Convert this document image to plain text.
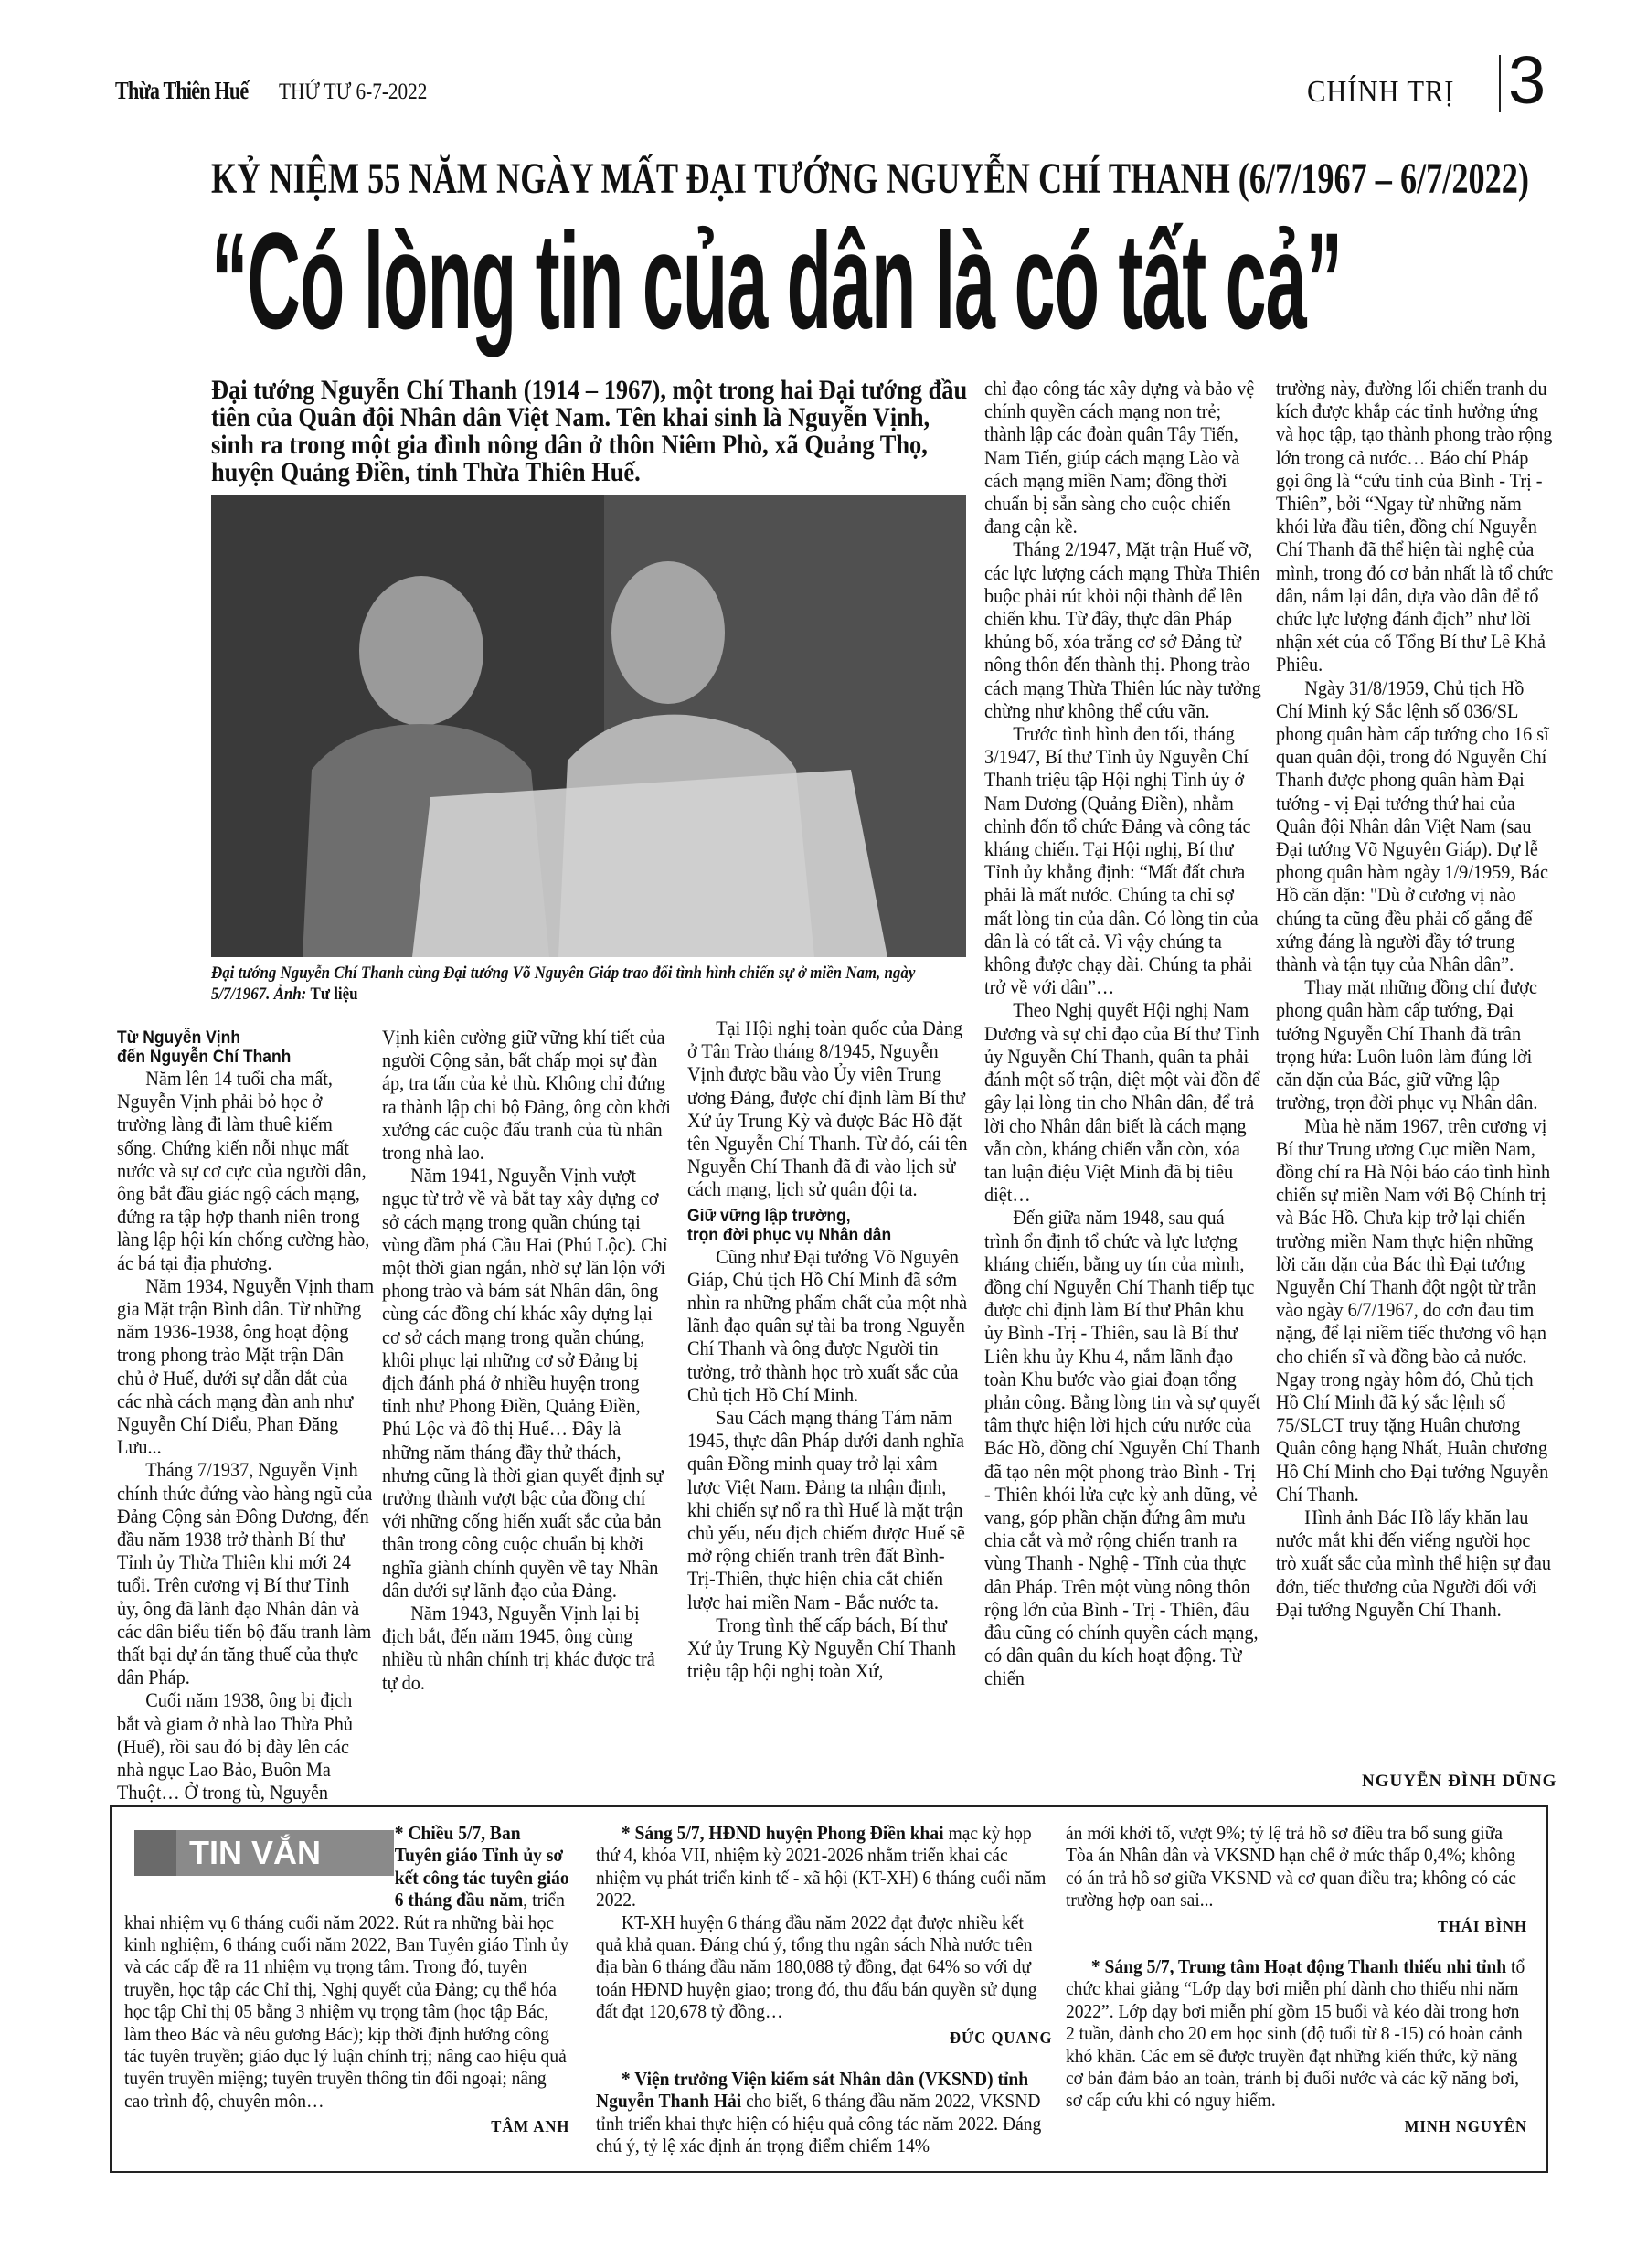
Thừa Thiên Huế THỨ TƯ 6-7-2022	CHÍNH TRỊ 3
KỶ NIỆM 55 NĂM NGÀY MẤT ĐẠI TƯỚNG NGUYỄN CHÍ THANH (6/7/1967 – 6/7/2022)
“Có lòng tin của dân là có tất cả”
Đại tướng Nguyễn Chí Thanh (1914 – 1967), một trong hai Đại tướng đầu tiên của Quân đội Nhân dân Việt Nam. Tên khai sinh là Nguyễn Vịnh, sinh ra trong một gia đình nông dân ở thôn Niêm Phò, xã Quảng Thọ, huyện Quảng Điền, tỉnh Thừa Thiên Huế.
Đại tướng Nguyễn Chí Thanh cùng Đại tướng Võ Nguyên Giáp trao đổi tình hình chiến sự ở miền Nam, ngày 5/7/1967. Ảnh: Tư liệu
Từ Nguyễn Vịnh
đến Nguyễn Chí Thanh

Năm lên 14 tuổi cha mất, Nguyễn Vịnh phải bỏ học ở trường làng đi làm thuê kiếm sống. Chứng kiến nỗi nhục mất nước và sự cơ cực của người dân, ông bắt đầu giác ngộ cách mạng, đứng ra tập hợp thanh niên trong làng lập hội kín chống cường hào, ác bá tại địa phương.

Năm 1934, Nguyễn Vịnh tham gia Mặt trận Bình dân. Từ những năm 1936-1938, ông hoạt động trong phong trào Mặt trận Dân chủ ở Huế, dưới sự dẫn dắt của các nhà cách mạng đàn anh như Nguyễn Chí Diểu, Phan Đăng Lưu...

Tháng 7/1937, Nguyễn Vịnh chính thức đứng vào hàng ngũ của Đảng Cộng sản Đông Dương, đến đầu năm 1938 trở thành Bí thư Tỉnh ủy Thừa Thiên khi mới 24 tuổi. Trên cương vị Bí thư Tỉnh ủy, ông đã lãnh đạo Nhân dân và các dân biểu tiến bộ đấu tranh làm thất bại dự án tăng thuế của thực dân Pháp.

Cuối năm 1938, ông bị địch bắt và giam ở nhà lao Thừa Phủ (Huế), rồi sau đó bị đày lên các nhà ngục Lao Bảo, Buôn Ma Thuột… Ở trong tù, Nguyễn

Vịnh kiên cường giữ vững khí tiết của người Cộng sản, bất chấp mọi sự đàn áp, tra tấn của kẻ thù. Không chỉ đứng ra thành lập chi bộ Đảng, ông còn khởi xướng các cuộc đấu tranh của tù nhân trong nhà lao.

Năm 1941, Nguyễn Vịnh vượt ngục từ trở về và bắt tay xây dựng cơ sở cách mạng trong quần chúng tại vùng đầm phá Cầu Hai (Phú Lộc). Chỉ một thời gian ngắn, nhờ sự lăn lộn với phong trào và bám sát Nhân dân, ông cùng các đồng chí khác xây dựng lại cơ sở cách mạng trong quần chúng, khôi phục lại những cơ sở Đảng bị địch đánh phá ở nhiều huyện trong tỉnh như Phong Điền, Quảng Điền, Phú Lộc và đô thị Huế… Đây là những năm tháng đầy thử thách, nhưng cũng là thời gian quyết định sự trưởng thành vượt bậc của đồng chí với những cống hiến xuất sắc của bản thân trong công cuộc chuẩn bị khởi nghĩa giành chính quyền về tay Nhân dân dưới sự lãnh đạo của Đảng.

Năm 1943, Nguyễn Vịnh lại bị địch bắt, đến năm 1945, ông cùng nhiều tù nhân chính trị khác được trả tự do.

Tại Hội nghị toàn quốc của Đảng ở Tân Trào tháng 8/1945, Nguyễn Vịnh được bầu vào Ủy viên Trung ương Đảng, được chỉ định làm Bí thư Xứ ủy Trung Kỳ và được Bác Hồ đặt tên Nguyễn Chí Thanh. Từ đó, cái tên Nguyễn Chí Thanh đã đi vào lịch sử cách mạng, lịch sử quân đội ta.

Giữ vững lập trường,
trọn đời phục vụ Nhân dân

Cũng như Đại tướng Võ Nguyên Giáp, Chủ tịch Hồ Chí Minh đã sớm nhìn ra những phẩm chất của một nhà lãnh đạo quân sự tài ba trong Nguyễn Chí Thanh và ông được Người tin tưởng, trở thành học trò xuất sắc của Chủ tịch Hồ Chí Minh.

Sau Cách mạng tháng Tám năm 1945, thực dân Pháp dưới danh nghĩa quân Đồng minh quay trở lại xâm lược Việt Nam. Đảng ta nhận định, khi chiến sự nổ ra thì Huế là mặt trận chủ yếu, nếu địch chiếm được Huế sẽ mở rộng chiến tranh trên đất Bình-Trị-Thiên, thực hiện chia cắt chiến lược hai miền Nam - Bắc nước ta.

Trong tình thế cấp bách, Bí thư Xứ ủy Trung Kỳ Nguyễn Chí Thanh triệu tập hội nghị toàn Xứ,

chỉ đạo công tác xây dựng và bảo vệ chính quyền cách mạng non trẻ; thành lập các đoàn quân Tây Tiến, Nam Tiến, giúp cách mạng Lào và cách mạng miền Nam; đồng thời chuẩn bị sẵn sàng cho cuộc chiến đang cận kề.

Tháng 2/1947, Mặt trận Huế vỡ, các lực lượng cách mạng Thừa Thiên buộc phải rút khỏi nội thành để lên chiến khu. Từ đây, thực dân Pháp khủng bố, xóa trắng cơ sở Đảng từ nông thôn đến thành thị. Phong trào cách mạng Thừa Thiên lúc này tưởng chừng như không thể cứu vãn.

Trước tình hình đen tối, tháng 3/1947, Bí thư Tỉnh ủy Nguyễn Chí Thanh triệu tập Hội nghị Tỉnh ủy ở Nam Dương (Quảng Điền), nhằm chỉnh đốn tổ chức Đảng và công tác kháng chiến. Tại Hội nghị, Bí thư Tỉnh ủy khẳng định: “Mất đất chưa phải là mất nước. Chúng ta chỉ sợ mất lòng tin của dân. Có lòng tin của dân là có tất cả. Vì vậy chúng ta không được chạy dài. Chúng ta phải trở về với dân”…

Theo Nghị quyết Hội nghị Nam Dương và sự chỉ đạo của Bí thư Tỉnh ủy Nguyễn Chí Thanh, quân ta phải đánh một số trận, diệt một vài đồn để gây lại lòng tin cho Nhân dân, để trả lời cho Nhân dân biết là cách mạng vẫn còn, kháng chiến vẫn còn, xóa tan luận điệu Việt Minh đã bị tiêu diệt…

Đến giữa năm 1948, sau quá trình ổn định tổ chức và lực lượng kháng chiến, bằng uy tín của mình, đồng chí Nguyễn Chí Thanh tiếp tục được chỉ định làm Bí thư Phân khu ủy Bình -Trị - Thiên, sau là Bí thư Liên khu ủy Khu 4, nắm lãnh đạo toàn Khu bước vào giai đoạn tổng phản công. Bằng lòng tin và sự quyết tâm thực hiện lời hịch cứu nước của Bác Hồ, đồng chí Nguyễn Chí Thanh đã tạo nên một phong trào Bình - Trị - Thiên khói lửa cực kỳ anh dũng, vẻ vang, góp phần chặn đứng âm mưu chia cắt và mở rộng chiến tranh ra vùng Thanh - Nghệ - Tĩnh của thực dân Pháp. Trên một vùng nông thôn rộng lớn của Bình - Trị - Thiên, đâu đâu cũng có chính quyền cách mạng, có dân quân du kích hoạt động. Từ chiến

trường này, đường lối chiến tranh du kích được khắp các tỉnh hưởng ứng và học tập, tạo thành phong trào rộng lớn trong cả nước… Báo chí Pháp gọi ông là “cứu tinh của Bình - Trị - Thiên”, bởi “Ngay từ những năm khói lửa đầu tiên, đồng chí Nguyễn Chí Thanh đã thể hiện tài nghệ của mình, trong đó cơ bản nhất là tổ chức dân, nắm lại dân, dựa vào dân để tổ chức lực lượng đánh địch” như lời nhận xét của cố Tổng Bí thư Lê Khả Phiêu.

Ngày 31/8/1959, Chủ tịch Hồ Chí Minh ký Sắc lệnh số 036/SL phong quân hàm cấp tướng cho 16 sĩ quan quân đội, trong đó Nguyễn Chí Thanh được phong quân hàm Đại tướng - vị Đại tướng thứ hai của Quân đội Nhân dân Việt Nam (sau Đại tướng Võ Nguyên Giáp). Dự lễ phong quân hàm ngày 1/9/1959, Bác Hồ căn dặn: "Dù ở cương vị nào chúng ta cũng đều phải cố gắng để xứng đáng là người đầy tớ trung thành và tận tụy của Nhân dân”.

Thay mặt những đồng chí được phong quân hàm cấp tướng, Đại tướng Nguyễn Chí Thanh đã trân trọng hứa: Luôn luôn làm đúng lời căn dặn của Bác, giữ vững lập trường, trọn đời phục vụ Nhân dân.

Mùa hè năm 1967, trên cương vị Bí thư Trung ương Cục miền Nam, đồng chí ra Hà Nội báo cáo tình hình chiến sự miền Nam với Bộ Chính trị và Bác Hồ. Chưa kịp trở lại chiến trường miền Nam thực hiện những lời căn dặn của Bác thì Đại tướng Nguyễn Chí Thanh đột ngột từ trần vào ngày 6/7/1967, do cơn đau tim nặng, để lại niềm tiếc thương vô hạn cho chiến sĩ và đồng bào cả nước. Ngay trong ngày hôm đó, Chủ tịch Hồ Chí Minh đã ký sắc lệnh số 75/SLCT truy tặng Huân chương Quân công hạng Nhất, Huân chương Hồ Chí Minh cho Đại tướng Nguyễn Chí Thanh.

Hình ảnh Bác Hồ lấy khăn lau nước mắt khi đến viếng người học trò xuất sắc của mình thể hiện sự đau đớn, tiếc thương của Người đối với Đại tướng Nguyễn Chí Thanh.

NGUYỄN ĐÌNH DŨNG
TIN VẮN

* Chiều 5/7, Ban Tuyên giáo Tỉnh ủy sơ kết công tác tuyên giáo 6 tháng đầu năm, triển khai nhiệm vụ 6 tháng cuối năm 2022. Rút ra những bài học kinh nghiệm, 6 tháng cuối năm 2022, Ban Tuyên giáo Tỉnh ủy và các cấp đề ra 11 nhiệm vụ trọng tâm. Trong đó, tuyên truyền, học tập các Chỉ thị, Nghị quyết của Đảng; cụ thể hóa học tập Chỉ thị 05 bằng 3 nhiệm vụ trọng tâm (học tập Bác, làm theo Bác và nêu gương Bác); kịp thời định hướng công tác tuyên truyền; giáo dục lý luận chính trị; nâng cao hiệu quả tuyên truyền miệng; tuyên truyền thông tin đối ngoại; nâng cao trình độ, chuyên môn…

TÂM ANH

* Sáng 5/7, HĐND huyện Phong Điền khai mạc kỳ họp thứ 4, khóa VII, nhiệm kỳ 2021-2026 nhằm triển khai các nhiệm vụ phát triển kinh tế - xã hội (KT-XH) 6 tháng cuối năm 2022.

KT-XH huyện 6 tháng đầu năm 2022 đạt được nhiều kết quả khả quan. Đáng chú ý, tổng thu ngân sách Nhà nước trên địa bàn 6 tháng đầu năm 180,088 tỷ đồng, đạt 64% so với dự toán HĐND huyện giao; trong đó, thu đấu bán quyền sử dụng đất đạt 120,678 tỷ đồng…

ĐỨC QUANG

* Viện trưởng Viện kiểm sát Nhân dân (VKSND) tỉnh Nguyễn Thanh Hải cho biết, 6 tháng đầu năm 2022, VKSND tỉnh triển khai thực hiện có hiệu quả công tác năm 2022. Đáng chú ý, tỷ lệ xác định án trọng điểm chiếm 14%

án mới khởi tố, vượt 9%; tỷ lệ trả hồ sơ điều tra bổ sung giữa Tòa án Nhân dân và VKSND hạn chế ở mức thấp 0,4%; không có án trả hồ sơ giữa VKSND và cơ quan điều tra; không có các trường hợp oan sai...

THÁI BÌNH

* Sáng 5/7, Trung tâm Hoạt động Thanh thiếu nhi tỉnh tổ chức khai giảng “Lớp dạy bơi miễn phí dành cho thiếu nhi năm 2022”. Lớp dạy bơi miễn phí gồm 15 buổi và kéo dài trong hơn 2 tuần, dành cho 20 em học sinh (độ tuổi từ 8 -15) có hoàn cảnh khó khăn. Các em sẽ được truyền đạt những kiến thức, kỹ năng cơ bản đảm bảo an toàn, tránh bị đuối nước và các kỹ năng bơi, sơ cấp cứu khi có nguy hiểm.

MINH NGUYÊN
